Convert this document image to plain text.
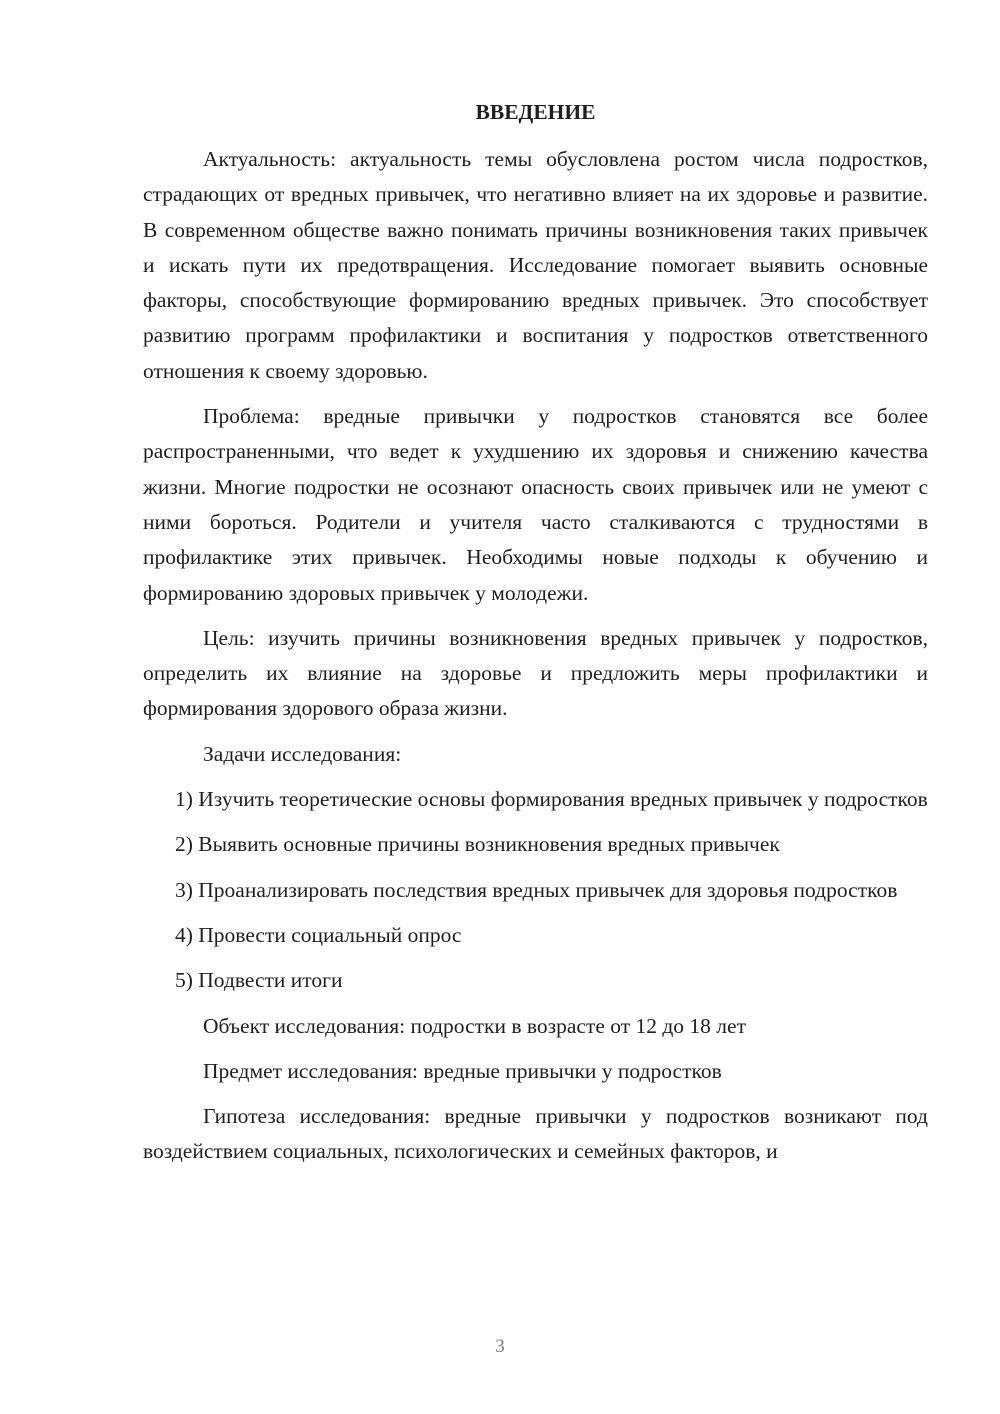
ВВЕДЕНИЕ

Актуальность: актуальность темы обусловлена ростом числа подростков, страдающих от вредных привычек, что негативно влияет на их здоровье и развитие. В современном обществе важно понимать причины возникновения таких привычек и искать пути их предотвращения. Исследование помогает выявить основные факторы, способствующие формированию вредных привычек. Это способствует развитию программ профилактики и воспитания у подростков ответственного отношения к своему здоровью.

Проблема: вредные привычки у подростков становятся все более распространенными, что ведет к ухудшению их здоровья и снижению качества жизни. Многие подростки не осознают опасность своих привычек или не умеют с ними бороться. Родители и учителя часто сталкиваются с трудностями в профилактике этих привычек. Необходимы новые подходы к обучению и формированию здоровых привычек у молодежи.

Цель: изучить причины возникновения вредных привычек у подростков, определить их влияние на здоровье и предложить меры профилактики и формирования здорового образа жизни.

Задачи исследования:

1) Изучить теоретические основы формирования вредных привычек у подростков

2) Выявить основные причины возникновения вредных привычек

3) Проанализировать последствия вредных привычек для здоровья подростков

4) Провести социальный опрос

5) Подвести итоги

Объект исследования: подростки в возрасте от 12 до 18 лет

Предмет исследования: вредные привычки у подростков

Гипотеза исследования: вредные привычки у подростков возникают под воздействием социальных, психологических и семейных факторов, и

3
